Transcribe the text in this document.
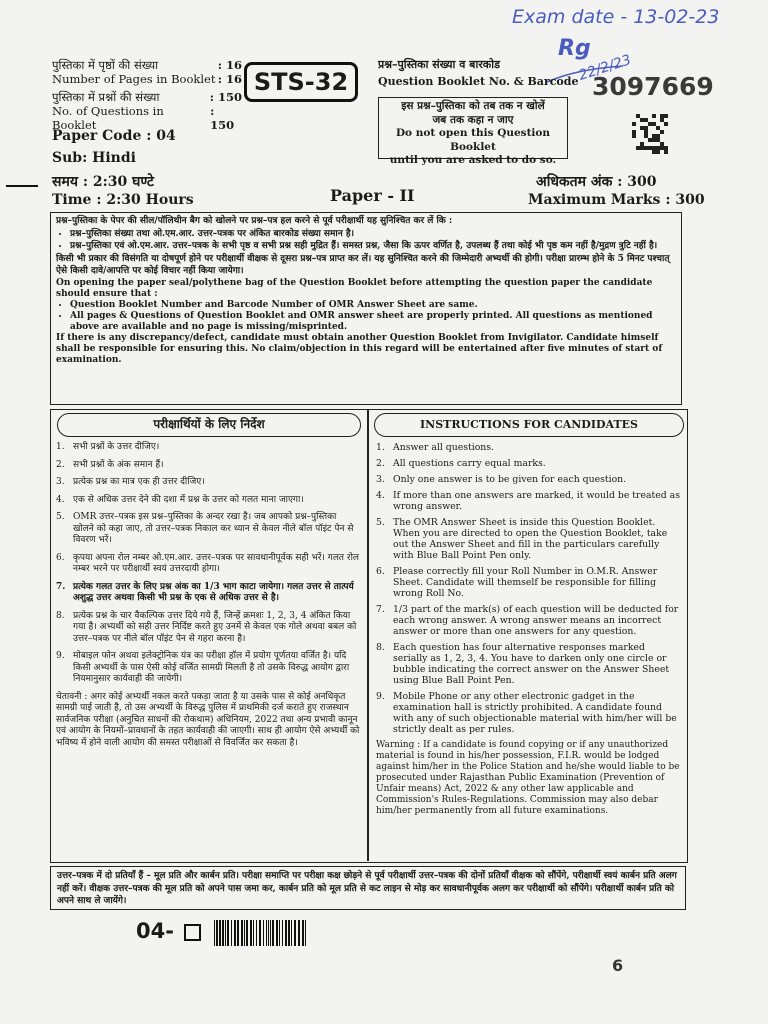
Exam date - 13-02-23
Rg
22/2/23
पुस्तिका में पृष्ठों की संख्या	: 16
Number of Pages in Booklet : 16
पुस्तिका में प्रश्नों की संख्या	: 150
No. of Questions in Booklet
: 150
Paper Code : 04
Sub: Hindi
समय : 2:30 घण्टे
Time : 2:30 Hours
STS-32
प्रश्न–पुस्तिका संख्या व बारकोड
Question Booklet No. & Barcode 3097669
इस प्रश्न–पुस्तिका को तब तक न खोलें
जब तक कहा न जाए
Do not open this Question Booklet
until you are asked to do so.
Paper - II
अधिकतम अंक : 300
Maximum Marks : 300
प्रश्न–पुस्तिका के पेपर की सील/पॉलिथीन बैग को खोलने पर प्रश्न–पत्र हल करने से पूर्व परीक्षार्थी यह सुनिश्चित कर लें कि :
• प्रश्न–पुस्तिका संख्या तथा ओ.एम.आर. उत्तर–पत्रक पर अंकित बारकोड संख्या समान है।
• प्रश्न–पुस्तिका एवं ओ.एम.आर. उत्तर–पत्रक के सभी पृष्ठ व सभी प्रश्न सही मुद्रित हैं। समस्त प्रश्न, जैसा कि ऊपर वर्णित है, उपलब्ध हैं तथा कोई भी पृष्ठ कम नहीं है/मुद्रण त्रुटि नहीं है।
किसी भी प्रकार की विसंगति या दोषपूर्ण होने पर परीक्षार्थी वीक्षक से दूसरा प्रश्न–पत्र प्राप्त कर लें। यह सुनिश्चित करने की जिम्मेदारी अभ्यर्थी की होगी। परीक्षा प्रारम्भ होने के 5 मिनट पश्चात् ऐसे किसी दावे/आपत्ति पर कोई विचार नहीं किया जायेगा।
On opening the paper seal/polythene bag of the Question Booklet before attempting the question paper the candidate should ensure that :
• Question Booklet Number and Barcode Number of OMR Answer Sheet are same.
• All pages & Questions of Question Booklet and OMR answer sheet are properly printed. All questions as mentioned above are available and no page is missing/misprinted.
If there is any discrepancy/defect, candidate must obtain another Question Booklet from Invigilator. Candidate himself shall be responsible for ensuring this. No claim/objection in this regard will be entertained after five minutes of start of examination.
परीक्षार्थियों के लिए निर्देश
1. सभी प्रश्नों के उत्तर दीजिए।
2. सभी प्रश्नों के अंक समान हैं।
3. प्रत्येक प्रश्न का मात्र एक ही उत्तर दीजिए।
4. एक से अधिक उत्तर देने की दशा में प्रश्न के उत्तर को गलत माना जाएगा।
5. OMR उत्तर–पत्रक इस प्रश्न–पुस्तिका के अन्दर रखा है। जब आपको प्रश्न–पुस्तिका खोलने को कहा जाए, तो उत्तर–पत्रक निकाल कर ध्यान से केवल नीले बॉल पॉइंट पेन से विवरण भरें।
6. कृपया अपना रोल नम्बर ओ.एम.आर. उत्तर–पत्रक पर सावधानीपूर्वक सही भरें। गलत रोल नम्बर भरने पर परीक्षार्थी स्वयं उत्तरदायी होगा।
7. प्रत्येक गलत उत्तर के लिए प्रश्न अंक का 1/3 भाग काटा जायेगा। गलत उत्तर से तात्पर्य अशुद्ध उत्तर अथवा किसी भी प्रश्न के एक से अधिक उत्तर से है।
8. प्रत्येक प्रश्न के चार वैकल्पिक उत्तर दिये गये हैं, जिन्हें क्रमशः 1, 2, 3, 4 अंकित किया गया है। अभ्यर्थी को सही उत्तर निर्दिष्ट करते हुए उनमें से केवल एक गोले अथवा बबल को उत्तर–पत्रक पर नीले बॉल पॉइंट पेन से गहरा करना है।
9. मोबाइल फोन अथवा इलेक्ट्रोनिक यंत्र का परीक्षा हॉल में प्रयोग पूर्णतया वर्जित है। यदि किसी अभ्यर्थी के पास ऐसी कोई वर्जित सामग्री मिलती है तो उसके विरुद्ध आयोग द्वारा नियमानुसार कार्यवाही की जायेगी।
चेतावनी : अगर कोई अभ्यर्थी नकल करते पकड़ा जाता है या उसके पास से कोई अनधिकृत सामग्री पाई जाती है, तो उस अभ्यर्थी के विरुद्ध पुलिस में प्राथमिकी दर्ज कराते हुए राजस्थान सार्वजनिक परीक्षा (अनुचित साधनों की रोकथाम) अधिनियम, 2022 तथा अन्य प्रभावी कानून एवं आयोग के नियमों–प्रावधानों के तहत कार्यवाही की जाएगी। साथ ही आयोग ऐसे अभ्यर्थी को भविष्य में होने वाली आयोग की समस्त परीक्षाओं से विवर्जित कर सकता है।
INSTRUCTIONS FOR CANDIDATES
1. Answer all questions.
2. All questions carry equal marks.
3. Only one answer is to be given for each question.
4. If more than one answers are marked, it would be treated as wrong answer.
5. The OMR Answer Sheet is inside this Question Booklet. When you are directed to open the Question Booklet, take out the Answer Sheet and fill in the particulars carefully with Blue Ball Point Pen only.
6. Please correctly fill your Roll Number in O.M.R. Answer Sheet. Candidate will themself be responsible for filling wrong Roll No.
7. 1/3 part of the mark(s) of each question will be deducted for each wrong answer. A wrong answer means an incorrect answer or more than one answers for any question.
8. Each question has four alternative responses marked serially as 1, 2, 3, 4. You have to darken only one circle or bubble indicating the correct answer on the Answer Sheet using Blue Ball Point Pen.
9. Mobile Phone or any other electronic gadget in the examination hall is strictly prohibited. A candidate found with any of such objectionable material with him/her will be strictly dealt as per rules.
Warning : If a candidate is found copying or if any unauthorized material is found in his/her possession, F.I.R. would be lodged against him/her in the Police Station and he/she would liable to be prosecuted under Rajasthan Public Examination (Prevention of Unfair means) Act, 2022 & any other law applicable and Commission's Rules-Regulations. Commission may also debar him/her permanently from all future examinations.
उत्तर–पत्रक में दो प्रतियाँ हैं – मूल प्रति और कार्बन प्रति। परीक्षा समाप्ति पर परीक्षा कक्ष छोड़ने से पूर्व परीक्षार्थी उत्तर–पत्रक की दोनों प्रतियाँ वीक्षक को सौंपेंगे, परीक्षार्थी स्वयं कार्बन प्रति अलग नहीं करें। वीक्षक उत्तर–पत्रक की मूल प्रति को अपने पास जमा कर, कार्बन प्रति को मूल प्रति से कट लाइन से मोड़ कर सावधानीपूर्वक अलग कर परीक्षार्थी को सौंपेंगे। परीक्षार्थी कार्बन प्रति को अपने साथ ले जायेंगे।
04-
6
